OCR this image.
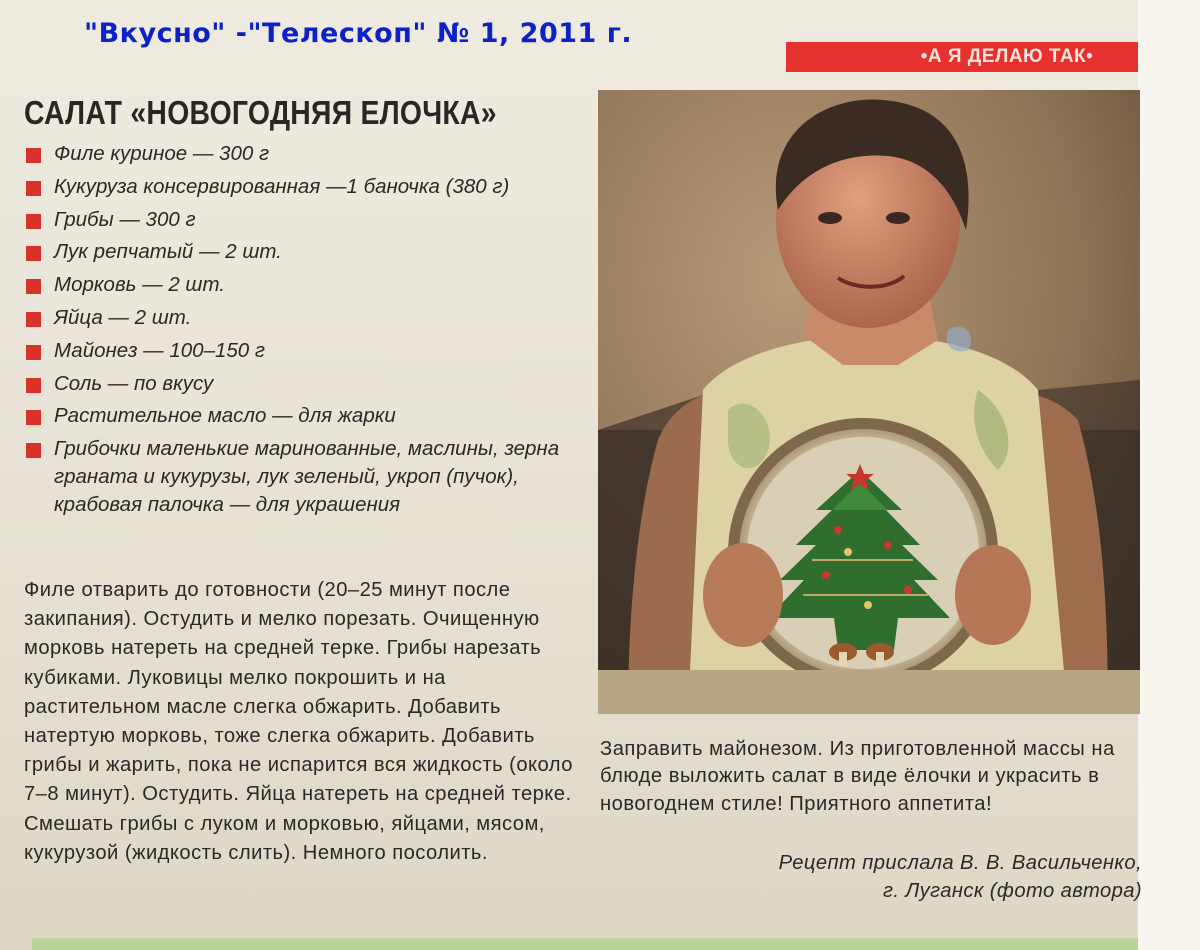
"Вкусно" -"Телескоп" № 1, 2011 г.
•А Я ДЕЛАЮ ТАК•
САЛАТ «НОВОГОДНЯЯ ЕЛОЧКА»
Филе куриное — 300 г
Кукуруза консервированная —1 баночка (380 г)
Грибы — 300 г
Лук репчатый — 2 шт.
Морковь — 2 шт.
Яйца — 2 шт.
Майонез — 100–150 г
Соль — по вкусу
Растительное масло — для жарки
Грибочки маленькие маринованные, маслины, зерна граната и кукурузы, лук зеленый, укроп (пучок), крабовая палочка — для украшения

Филе отварить до готовности (20–25 минут после закипания). Остудить и мелко порезать. Очищенную морковь натереть на средней терке. Грибы нарезать кубиками. Луковицы мелко покрошить и на растительном масле слегка обжарить. Добавить натертую морковь, тоже слегка обжарить. Добавить грибы и жарить, пока не испарится вся жидкость (около 7–8 минут). Остудить. Яйца натереть на средней терке. Смешать грибы с луком и морковью, яйцами, мясом, кукурузой (жидкость слить). Немного посолить.

Заправить майонезом. Из приготовленной массы на блюде выложить салат в виде ёлочки и украсить в новогоднем стиле! Приятного аппетита!

Рецепт прислала В. В. Васильченко,
г. Луганск (фото автора)
